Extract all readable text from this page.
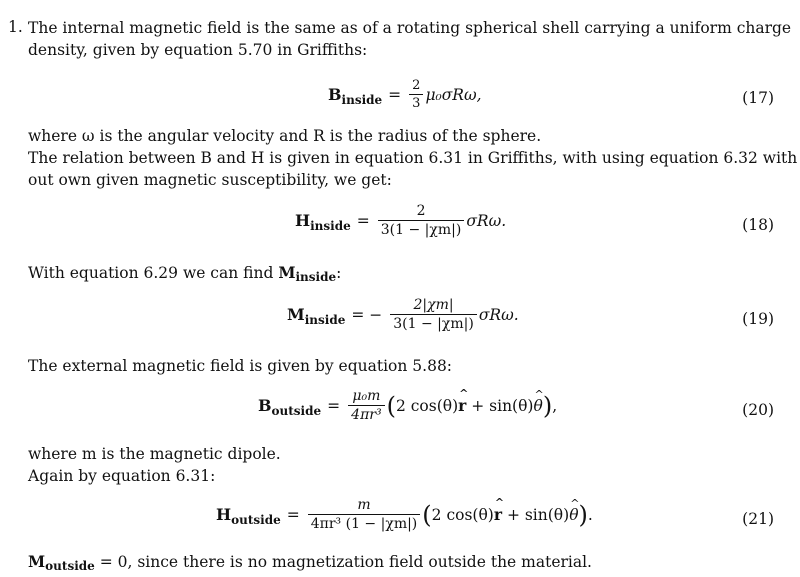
1. The internal magnetic field is the same as of a rotating spherical shell carrying a uniform charge

density, given by equation 5.70 in Griffiths:

$B_{inside} = \frac{2}{3} \mu_0\sigma R\omega$,	(17)

where ω is the angular velocity and R is the radius of the sphere.

The relation between B and H is given in equation 6.31 in Griffiths, with using equation 6.32 with

out own given magnetic susceptibility, we get:

$H_{inside} = \frac{2}{3(1 - |\chi m|)} \sigma R\omega$.	(18)

With equation 6.29 we can find Minside:

$M_{inside}$ = − $\frac{2|\chi m|}{3(1 - |\chi m|)} \sigma R\omega$.	(19)

The external magnetic field is given by equation 5.88:

$B_{outside} = \frac{\text{μ₀m}}{\text{4πr³}}$ ( 2 cos(θ)r ^ + sin(θ)θ ^ ) ,	(20)

where m is the magnetic dipole.

Again by equation 6.31:

$H_{outside} = \frac{m}{\text{4πr³ (1 − |χm|)}}$ ( 2 cos(θ)r ^ + sin(θ)θ ^ ) .	(21)

Moutside = 0, since there is no magnetization field outside the material.
